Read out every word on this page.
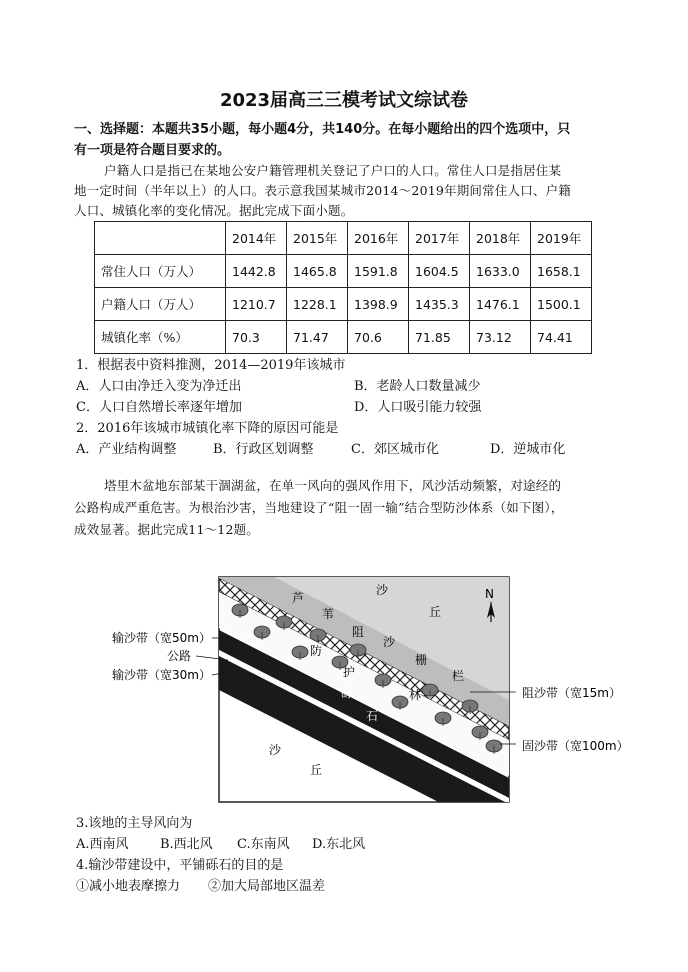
2023届高三三模考试文综试卷
一、选择题：本题共35小题，每小题4分，共140分。在每小题给出的四个选项中，只
有一项是符合题目要求的。
户籍人口是指已在某地公安户籍管理机关登记了户口的人口。常住人口是指居住某
地一定时间（半年以上）的人口。表示意我国某城市2014～2019年期间常住人口、户籍
人口、城镇化率的变化情况。据此完成下面小题。
	2014年	2015年	2016年	2017年	2018年	2019年
常住人口（万人）	1442.8	1465.8	1591.8	1604.5	1633.0	1658.1
户籍人口（万人）	1210.7	1228.1	1398.9	1435.3	1476.1	1500.1
城镇化率（%）	70.3	71.47	70.6	71.85	73.12	74.41
1．根据表中资料推测，2014—2019年该城市
A．人口由净迁入变为净迁出	B．老龄人口数量减少
C．人口自然增长率逐年增加	D．人口吸引能力较强
2．2016年该城市城镇化率下降的原因可能是
A．产业结构调整	B．行政区划调整	C．郊区城市化	D．逆城市化
塔里木盆地东部某干涸湖盆，在单一风向的强风作用下，风沙活动频繁，对途经的
公路构成严重危害。为根治沙害，当地建设了“阻一固一输”结合型防沙体系（如下图），
成效显著。据此完成11～12题。
N
沙
丘
芦
苇
阻
沙
栅
栏
防
护
林
砾
石
沙
丘
输沙带（宽50m）
公路
输沙带（宽30m）
阻沙带（宽15m）
固沙带（宽100m）
3.该地的主导风向为
A.西南风 B.西北风 C.东南风 D.东北风
4.输沙带建设中，平铺砾石的目的是
①减小地表摩擦力 ②加大局部地区温差
